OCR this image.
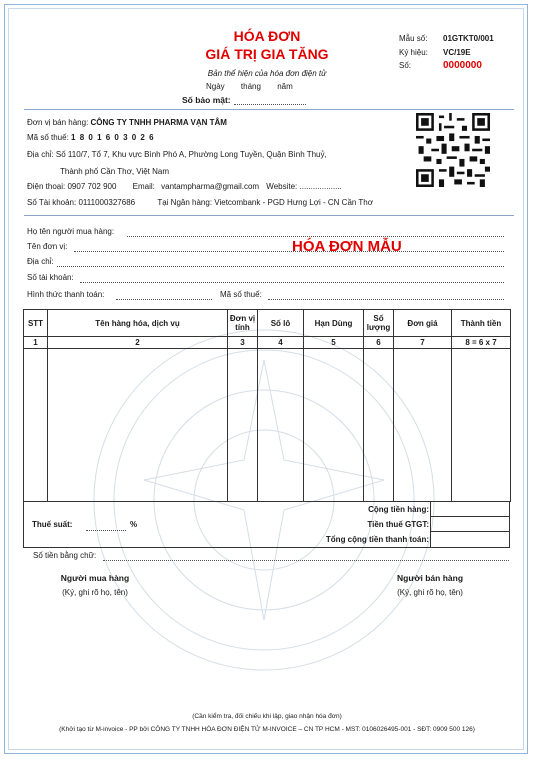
HÓA ĐƠN
GIÁ TRỊ GIA TĂNG
Bản thể hiện của hóa đơn điện tử
Ngày tháng năm
Số bảo mật:
Mẫu số: 01GTKT0/001
Ký hiệu: VC/19E
Số:	0000000
Đơn vị bán hàng: CÔNG TY TNHH PHARMA VẠN TÂM
Mã số thuế: 1 8 0 1 6 0 3 0 2 6
Địa chỉ: Số 110/7, Tổ 7, Khu vực Bình Phó A, Phường Long Tuyền, Quận Bình Thuỷ,
Thành phố Cần Thơ, Việt Nam
Điện thoại: 0907 702 900 Email: vantampharma@gmail.com Website: ...................
Số Tài khoản: 0111000327686	Tại Ngân hàng: Vietcombank - PGD Hưng Lợi - CN Cần Thơ
Họ tên người mua hàng:
Tên đơn vị:	HÓA ĐƠN MẪU
Địa chỉ:
Số tài khoản:
Hình thức thanh toán:	Mã số thuế:
STT	Tên hàng hóa, dịch vụ	Đơn vị tính	Số lô	Hạn Dùng	Số lượng	Đơn giá	Thành tiền
1	2	3	4	5	6	7	8 = 6 x 7

Thuế suất:	%
Cộng tiền hàng:
Tiền thuế GTGT:
Tổng cộng tiền thanh toán:
Số tiền bằng chữ:
Người mua hàng
(Ký, ghi rõ họ, tên)
Người bán hàng
(Ký, ghi rõ họ, tên)
(Cần kiểm tra, đối chiếu khi lập, giao nhận hóa đơn)
(Khởi tạo từ M-invoice - PP bởi CÔNG TY TNHH HÓA ĐƠN ĐIỆN TỬ M-INVOICE – CN TP HCM - MST: 0106026495-001 - SĐT: 0909 500 126)
